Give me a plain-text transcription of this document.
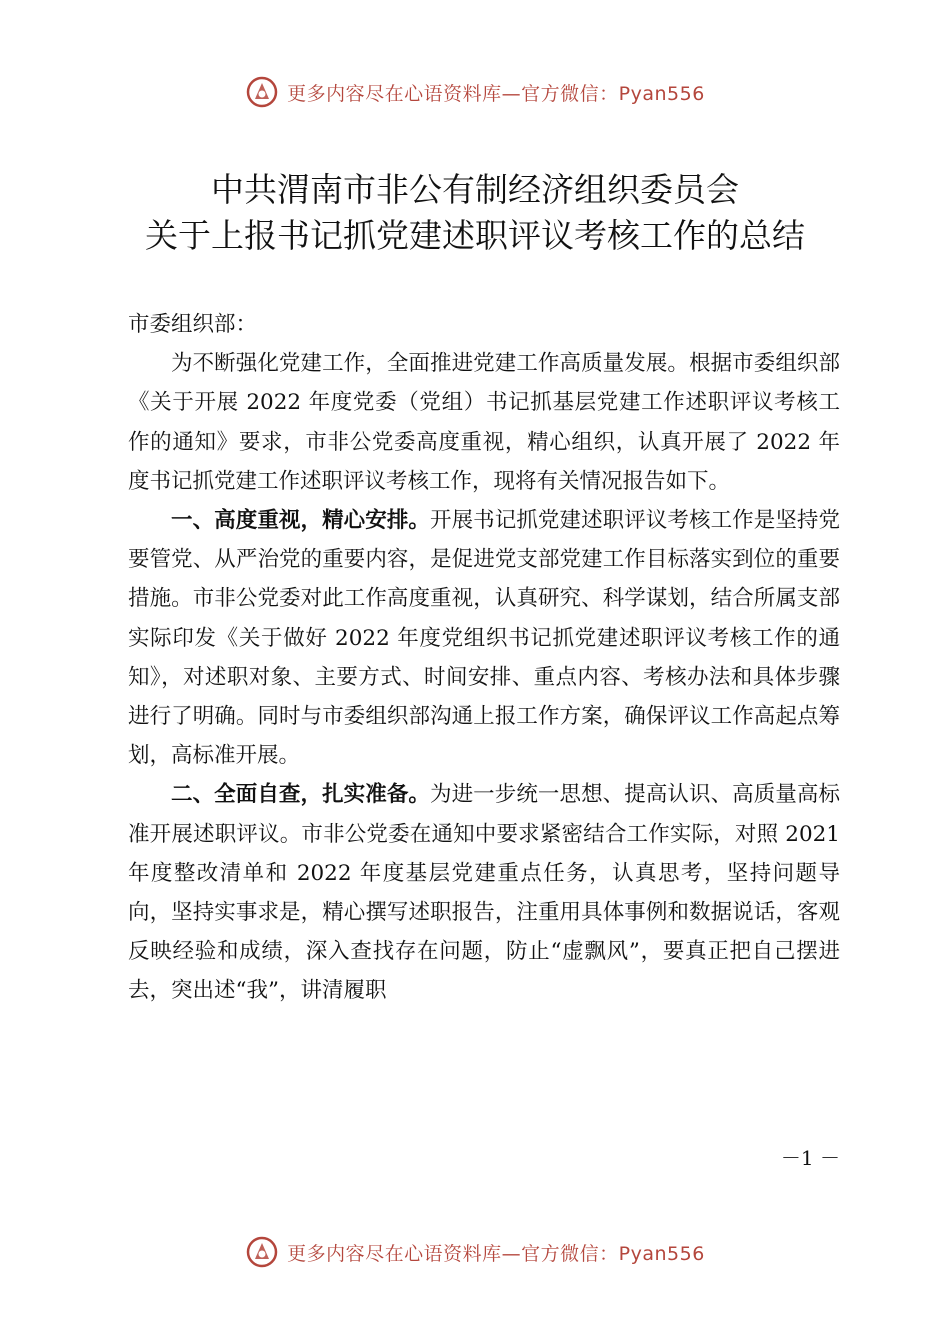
更多内容尽在心语资料库—官方微信：Pyan556
中共渭南市非公有制经济组织委员会
关于上报书记抓党建述职评议考核工作的总结

市委组织部：

为不断强化党建工作，全面推进党建工作高质量发展。根据市委组织部《关于开展 2022 年度党委（党组）书记抓基层党建工作述职评议考核工作的通知》要求，市非公党委高度重视，精心组织，认真开展了 2022 年度书记抓党建工作述职评议考核工作，现将有关情况报告如下。

一、高度重视，精心安排。开展书记抓党建述职评议考核工作是坚持党要管党、从严治党的重要内容，是促进党支部党建工作目标落实到位的重要措施。市非公党委对此工作高度重视，认真研究、科学谋划，结合所属支部实际印发《关于做好 2022 年度党组织书记抓党建述职评议考核工作的通知》，对述职对象、主要方式、时间安排、重点内容、考核办法和具体步骤进行了明确。同时与市委组织部沟通上报工作方案，确保评议工作高起点筹划，高标准开展。

二、全面自查，扎实准备。为进一步统一思想、提高认识、高质量高标准开展述职评议。市非公党委在通知中要求紧密结合工作实际，对照 2021 年度整改清单和 2022 年度基层党建重点任务，认真思考，坚持问题导向，坚持实事求是，精心撰写述职报告，注重用具体事例和数据说话，客观反映经验和成绩，深入查找存在问题，防止“虚飘风”，要真正把自己摆进去，突出述“我”，讲清履职

－1 －
更多内容尽在心语资料库—官方微信：Pyan556
